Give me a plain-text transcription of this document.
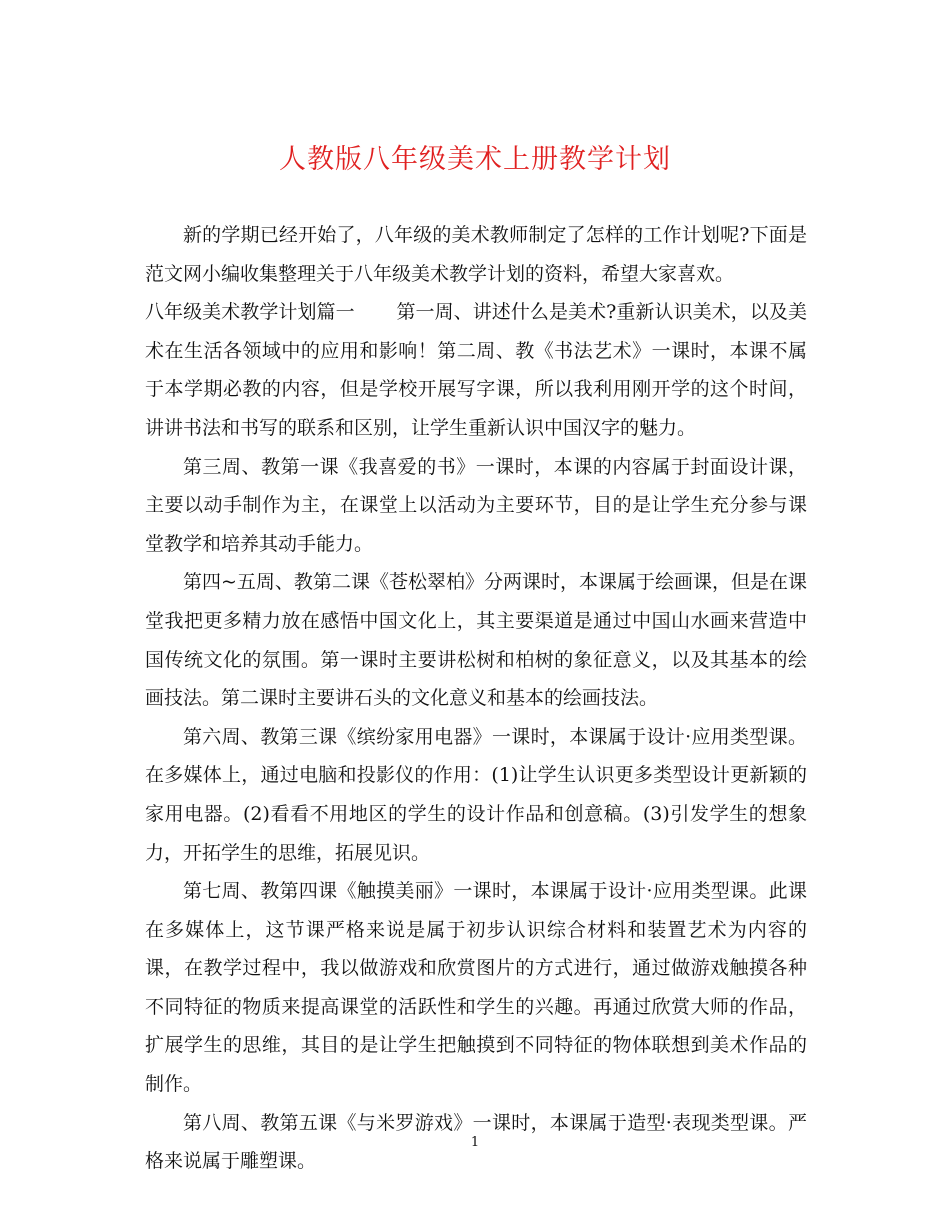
人教版八年级美术上册教学计划

新的学期已经开始了，八年级的美术教师制定了怎样的工作计划呢?下面是范文网小编收集整理关于八年级美术教学计划的资料，希望大家喜欢。

八年级美术教学计划篇一 第一周、讲述什么是美术?重新认识美术，以及美术在生活各领域中的应用和影响！第二周、教《书法艺术》一课时，本课不属于本学期必教的内容，但是学校开展写字课，所以我利用刚开学的这个时间，讲讲书法和书写的联系和区别，让学生重新认识中国汉字的魅力。

第三周、教第一课《我喜爱的书》一课时，本课的内容属于封面设计课，主要以动手制作为主，在课堂上以活动为主要环节，目的是让学生充分参与课堂教学和培养其动手能力。

第四~五周、教第二课《苍松翠柏》分两课时，本课属于绘画课，但是在课堂我把更多精力放在感悟中国文化上，其主要渠道是通过中国山水画来营造中国传统文化的氛围。第一课时主要讲松树和柏树的象征意义，以及其基本的绘画技法。第二课时主要讲石头的文化意义和基本的绘画技法。

第六周、教第三课《缤纷家用电器》一课时，本课属于设计·应用类型课。在多媒体上，通过电脑和投影仪的作用：(1)让学生认识更多类型设计更新颖的家用电器。(2)看看不用地区的学生的设计作品和创意稿。(3)引发学生的想象力，开拓学生的思维，拓展见识。

第七周、教第四课《触摸美丽》一课时，本课属于设计·应用类型课。此课在多媒体上，这节课严格来说是属于初步认识综合材料和装置艺术为内容的课，在教学过程中，我以做游戏和欣赏图片的方式进行，通过做游戏触摸各种不同特征的物质来提高课堂的活跃性和学生的兴趣。再通过欣赏大师的作品，扩展学生的思维，其目的是让学生把触摸到不同特征的物体联想到美术作品的制作。

第八周、教第五课《与米罗游戏》一课时，本课属于造型·表现类型课。严格来说属于雕塑课。

1
